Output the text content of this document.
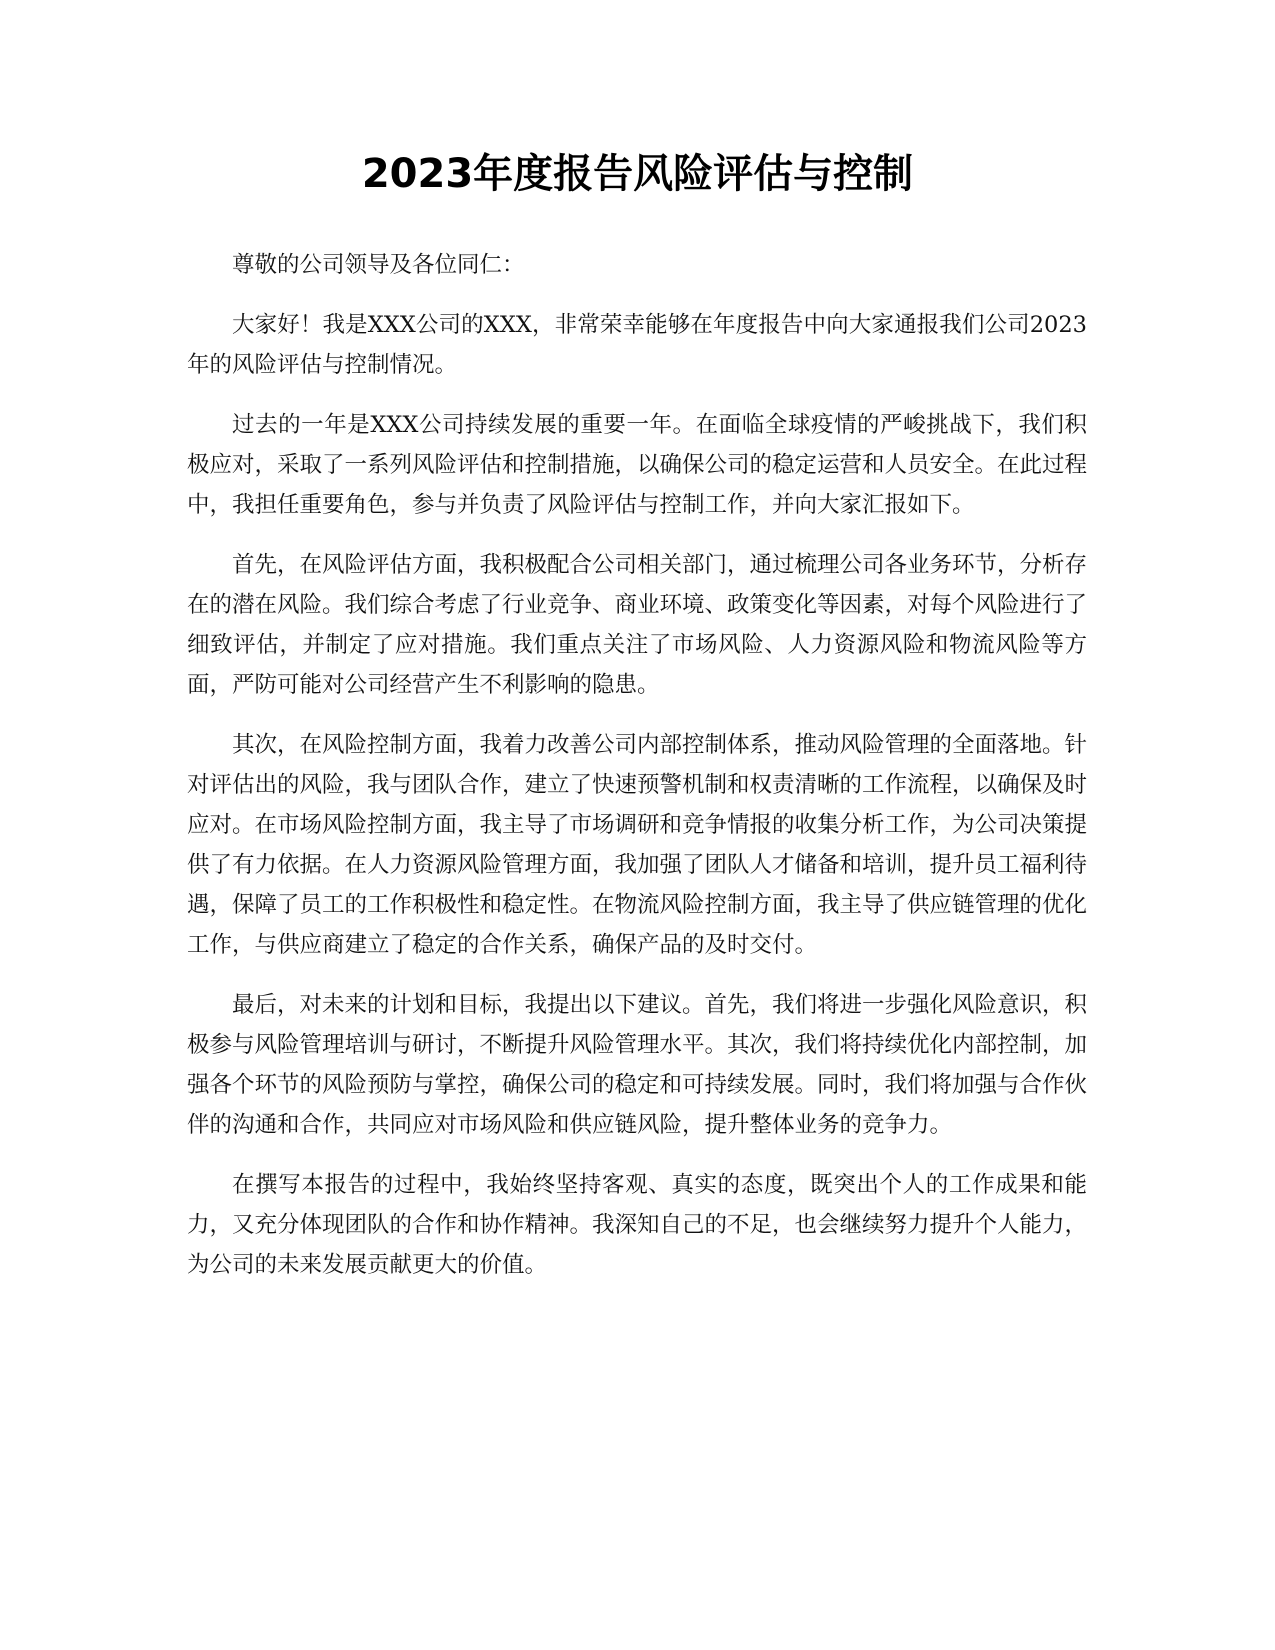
2023年度报告风险评估与控制

尊敬的公司领导及各位同仁：

大家好！我是XXX公司的XXX，非常荣幸能够在年度报告中向大家通报我们公司2023年的风险评估与控制情况。

过去的一年是XXX公司持续发展的重要一年。在面临全球疫情的严峻挑战下，我们积极应对，采取了一系列风险评估和控制措施，以确保公司的稳定运营和人员安全。在此过程中，我担任重要角色，参与并负责了风险评估与控制工作，并向大家汇报如下。

首先，在风险评估方面，我积极配合公司相关部门，通过梳理公司各业务环节，分析存在的潜在风险。我们综合考虑了行业竞争、商业环境、政策变化等因素，对每个风险进行了细致评估，并制定了应对措施。我们重点关注了市场风险、人力资源风险和物流风险等方面，严防可能对公司经营产生不利影响的隐患。

其次，在风险控制方面，我着力改善公司内部控制体系，推动风险管理的全面落地。针对评估出的风险，我与团队合作，建立了快速预警机制和权责清晰的工作流程，以确保及时应对。在市场风险控制方面，我主导了市场调研和竞争情报的收集分析工作，为公司决策提供了有力依据。在人力资源风险管理方面，我加强了团队人才储备和培训，提升员工福利待遇，保障了员工的工作积极性和稳定性。在物流风险控制方面，我主导了供应链管理的优化工作，与供应商建立了稳定的合作关系，确保产品的及时交付。

最后，对未来的计划和目标，我提出以下建议。首先，我们将进一步强化风险意识，积极参与风险管理培训与研讨，不断提升风险管理水平。其次，我们将持续优化内部控制，加强各个环节的风险预防与掌控，确保公司的稳定和可持续发展。同时，我们将加强与合作伙伴的沟通和合作，共同应对市场风险和供应链风险，提升整体业务的竞争力。

在撰写本报告的过程中，我始终坚持客观、真实的态度，既突出个人的工作成果和能力，又充分体现团队的合作和协作精神。我深知自己的不足，也会继续努力提升个人能力，为公司的未来发展贡献更大的价值。
